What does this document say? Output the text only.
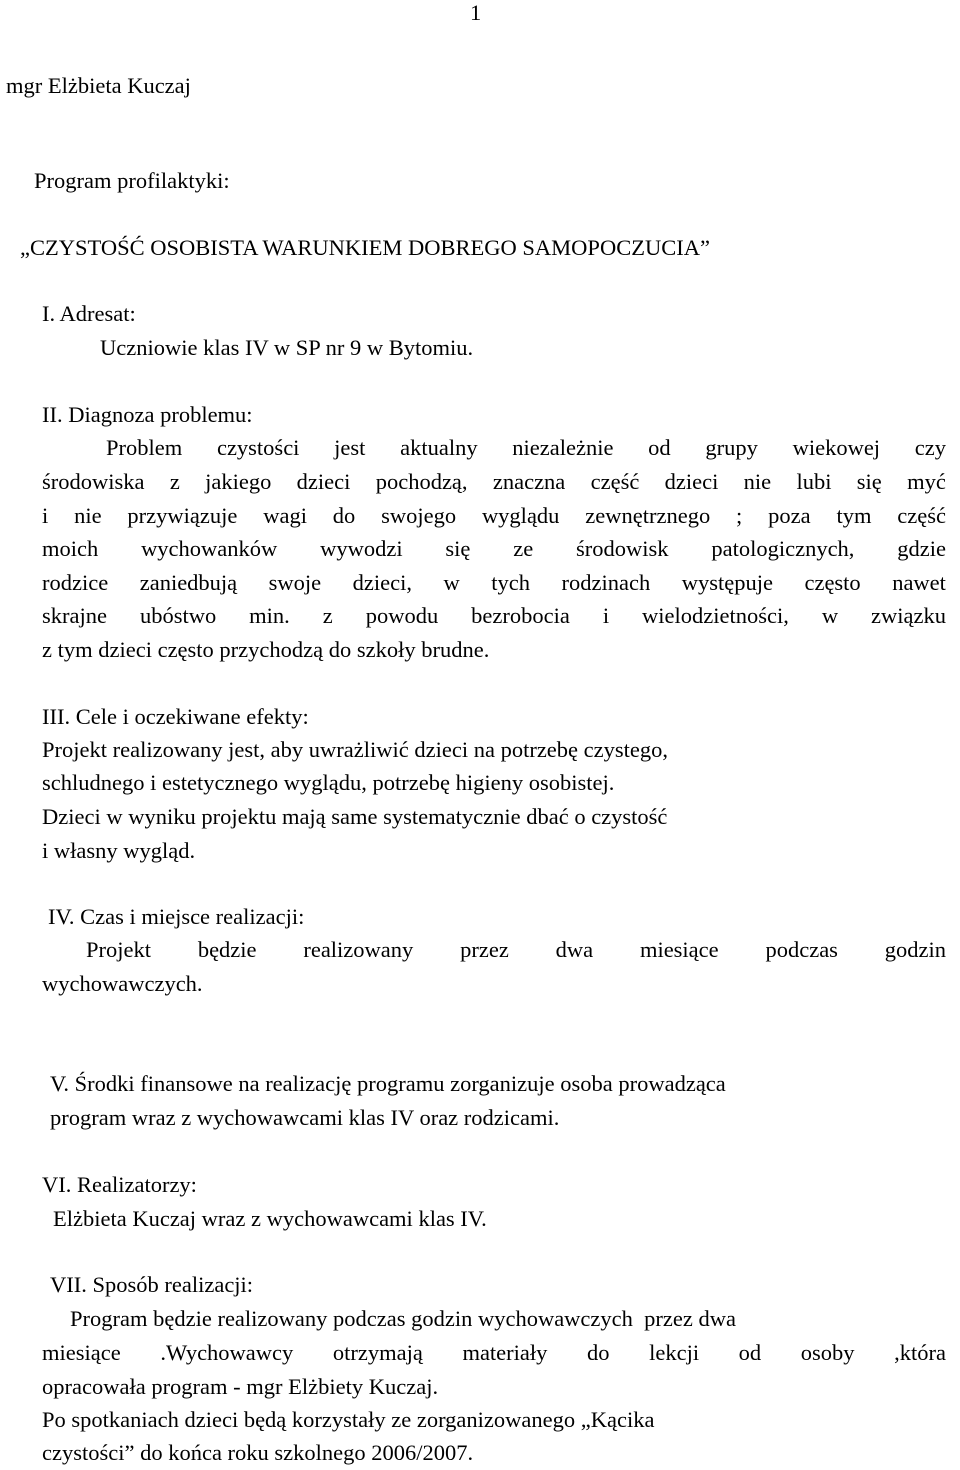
1
mgr Elżbieta Kuczaj
Program profilaktyki:
„CZYSTOŚĆ OSOBISTA WARUNKIEM DOBREGO SAMOPOCZUCIA”
I. Adresat:
Uczniowie klas IV w SP nr 9 w Bytomiu.
II. Diagnoza problemu:
Problem czystości jest aktualny niezależnie od grupy wiekowej czy
środowiska z jakiego dzieci pochodzą, znaczna część dzieci nie lubi się myć
i nie przywiązuje wagi do swojego wyglądu zewnętrznego ; poza tym część
moich wychowanków wywodzi się ze środowisk patologicznych, gdzie
rodzice zaniedbują swoje dzieci, w tych rodzinach występuje często nawet
skrajne ubóstwo min. z powodu bezrobocia i wielodzietności, w związku
z tym dzieci często przychodzą do szkoły brudne.
III. Cele i oczekiwane efekty:
Projekt realizowany jest, aby uwrażliwić dzieci na potrzebę czystego,
schludnego i estetycznego wyglądu, potrzebę higieny osobistej.
Dzieci w wyniku projektu mają same systematycznie dbać o czystość
i własny wygląd.
IV. Czas i miejsce realizacji:
Projekt będzie realizowany przez dwa miesiące podczas godzin
wychowawczych.
V. Środki finansowe na realizację programu zorganizuje osoba prowadząca
program wraz z wychowawcami klas IV oraz rodzicami.
VI. Realizatorzy:
Elżbieta Kuczaj wraz z wychowawcami klas IV.
VII. Sposób realizacji:
Program będzie realizowany podczas godzin wychowawczych  przez dwa
miesiące .Wychowawcy otrzymają materiały do lekcji od osoby ,która
opracowała program - mgr Elżbiety Kuczaj.
Po spotkaniach dzieci będą korzystały ze zorganizowanego „Kącika
czystości” do końca roku szkolnego 2006/2007.
